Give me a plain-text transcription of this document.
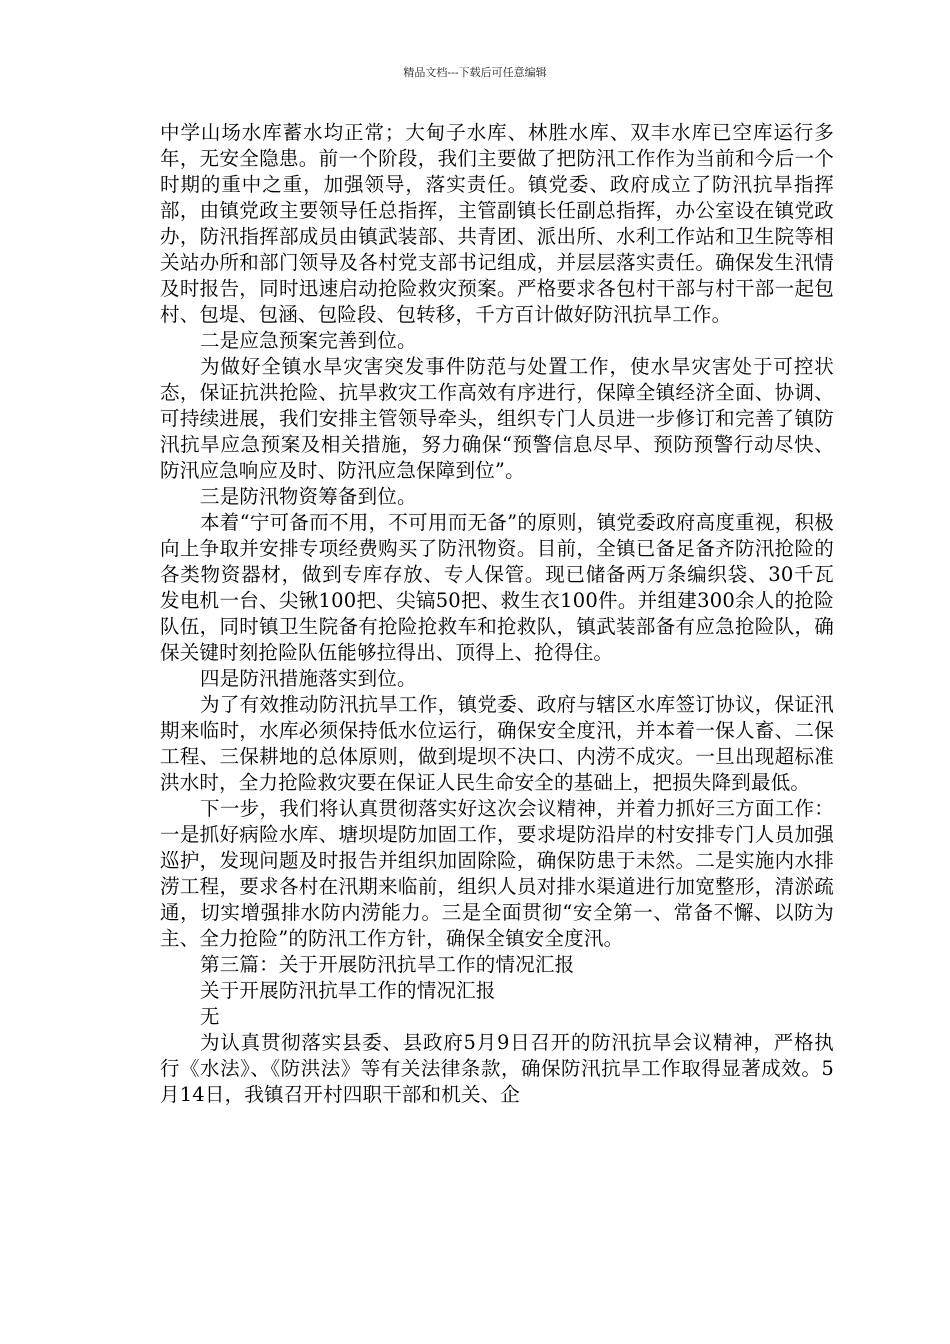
精品文档---下载后可任意编辑

中学山场水库蓄水均正常；大甸子水库、林胜水库、双丰水库已空库运行多年，无安全隐患。前一个阶段，我们主要做了把防汛工作作为当前和今后一个时期的重中之重，加强领导，落实责任。镇党委、政府成立了防汛抗旱指挥部，由镇党政主要领导任总指挥，主管副镇长任副总指挥，办公室设在镇党政办，防汛指挥部成员由镇武装部、共青团、派出所、水利工作站和卫生院等相关站办所和部门领导及各村党支部书记组成，并层层落实责任。确保发生汛情及时报告，同时迅速启动抢险救灾预案。严格要求各包村干部与村干部一起包村、包堤、包涵、包险段、包转移，千方百计做好防汛抗旱工作。

二是应急预案完善到位。

为做好全镇水旱灾害突发事件防范与处置工作，使水旱灾害处于可控状态，保证抗洪抢险、抗旱救灾工作高效有序进行，保障全镇经济全面、协调、可持续进展，我们安排主管领导牵头，组织专门人员进一步修订和完善了镇防汛抗旱应急预案及相关措施，努力确保“预警信息尽早、预防预警行动尽快、防汛应急响应及时、防汛应急保障到位”。

三是防汛物资筹备到位。

本着“宁可备而不用，不可用而无备”的原则，镇党委政府高度重视，积极向上争取并安排专项经费购买了防汛物资。目前，全镇已备足备齐防汛抢险的各类物资器材，做到专库存放、专人保管。现已储备两万条编织袋、30千瓦发电机一台、尖锹100把、尖镐50把、救生衣100件。并组建300余人的抢险队伍，同时镇卫生院备有抢险抢救车和抢救队，镇武装部备有应急抢险队，确保关键时刻抢险队伍能够拉得出、顶得上、抢得住。

四是防汛措施落实到位。

为了有效推动防汛抗旱工作，镇党委、政府与辖区水库签订协议，保证汛期来临时，水库必须保持低水位运行，确保安全度汛，并本着一保人畜、二保工程、三保耕地的总体原则，做到堤坝不决口、内涝不成灾。一旦出现超标准洪水时，全力抢险救灾要在保证人民生命安全的基础上，把损失降到最低。

下一步，我们将认真贯彻落实好这次会议精神，并着力抓好三方面工作：一是抓好病险水库、塘坝堤防加固工作，要求堤防沿岸的村安排专门人员加强巡护，发现问题及时报告并组织加固除险，确保防患于未然。二是实施内水排涝工程，要求各村在汛期来临前，组织人员对排水渠道进行加宽整形，清淤疏通，切实增强排水防内涝能力。三是全面贯彻“安全第一、常备不懈、以防为主、全力抢险”的防汛工作方针，确保全镇安全度汛。

第三篇：关于开展防汛抗旱工作的情况汇报

关于开展防汛抗旱工作的情况汇报

无

为认真贯彻落实县委、县政府5月9日召开的防汛抗旱会议精神，严格执行《水法》、《防洪法》等有关法律条款，确保防汛抗旱工作取得显著成效。5月14日，我镇召开村四职干部和机关、企
